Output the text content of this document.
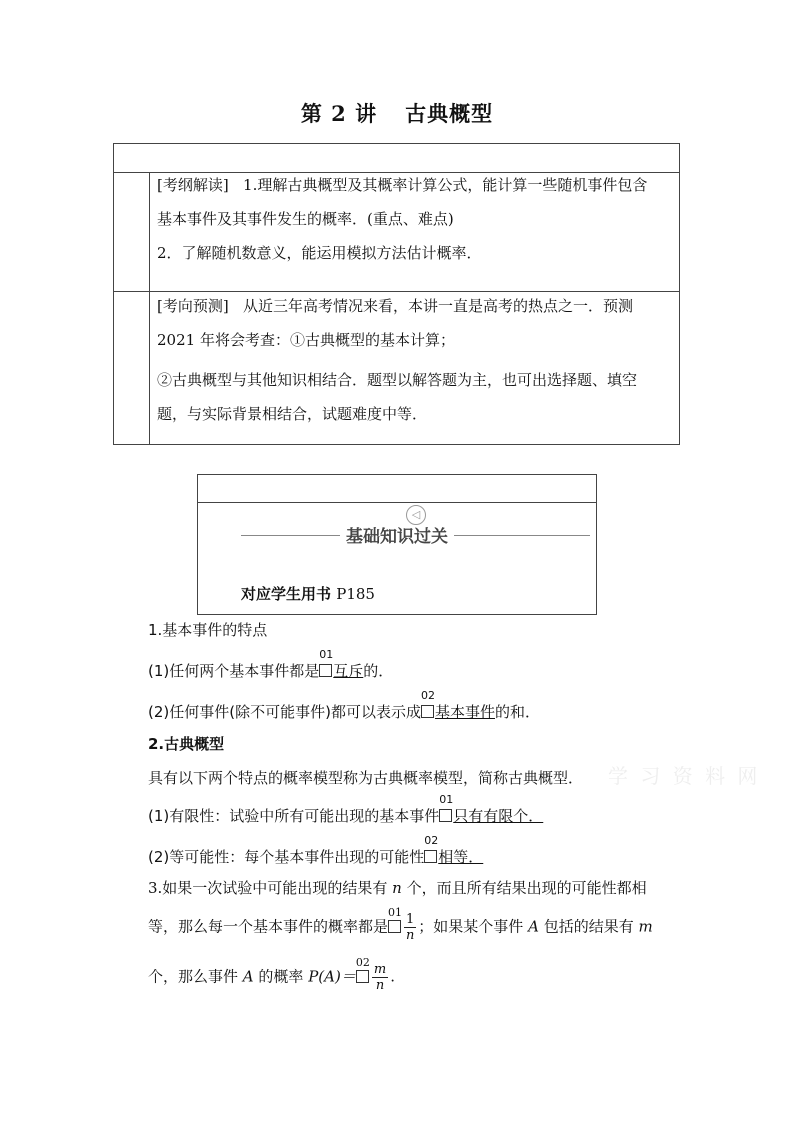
第 2 讲 古典概型

[考纲解读] 1.理解古典概型及其概率计算公式，能计算一些随机事件包含

基本事件及其事件发生的概率．(重点、难点)

2．了解随机数意义，能运用模拟方法估计概率．

[考向预测] 从近三年高考情况来看，本讲一直是高考的热点之一．预测

2021 年将会考查：①古典概型的基本计算；

②古典概型与其他知识相结合．题型以解答题为主，也可出选择题、填空

题，与实际背景相结合，试题难度中等．

◁
基础知识过关
对应学生用书 P185
1.基本事件的特点
(1)任何两个基本事件都是
01
互斥的．
(2)任何事件(除不可能事件)都可以表示成
02
基本事件的和．
2.古典概型
具有以下两个特点的概率模型称为古典概率模型，简称古典概型．
(1)有限性：试验中所有可能出现的基本事件
01
只有有限个．
(2)等可能性：每个基本事件出现的可能性
02
相等．
3.如果一次试验中可能出现的结果有 n 个，而且所有结果出现的可能性都相
等，那么每一个基本事件的概率都是
$01 \frac{1}{n}$ ；如果某个事件 A 包括的结果有 m
个，那么事件 A 的概率 P(A)＝
$02 \frac{m}{n}$ .
学 习 资 料 网
